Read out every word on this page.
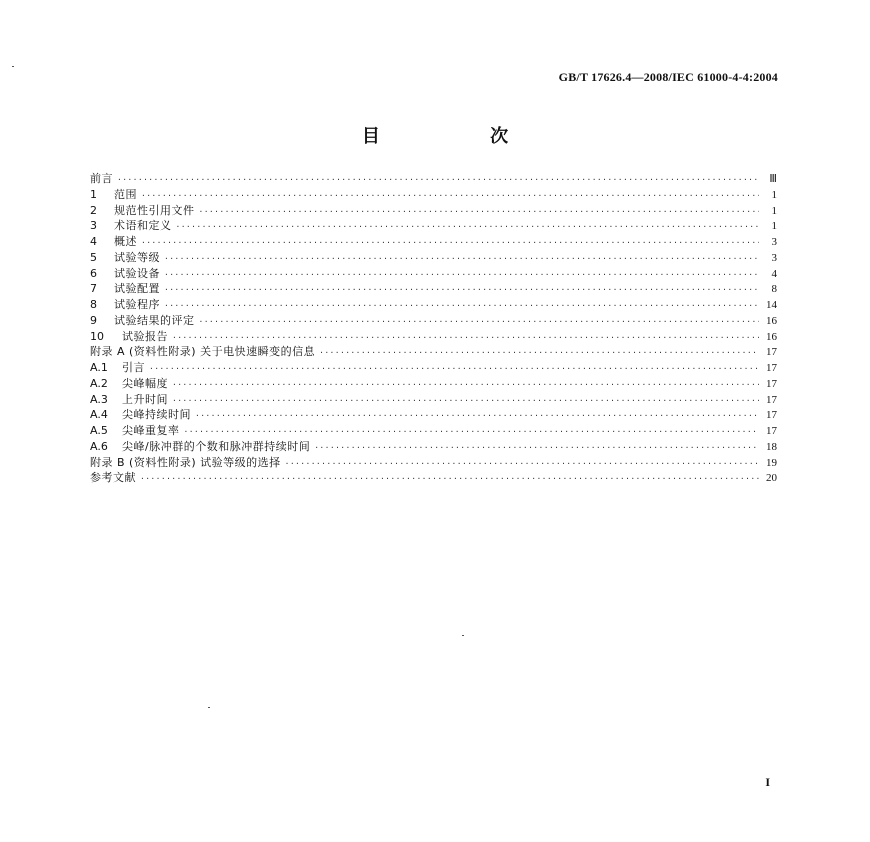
GB/T 17626.4—2008/IEC 61000-4-4:2004
目 次
前言 ·····	Ⅲ
1	范围 ·····	1
2	规范性引用文件 ·····	1
3	术语和定义 ·····	1
4	概述 ·····	3
5	试验等级 ·····	3
6	试验设备 ·····	4
7	试验配置 ·····	8
8	试验程序 ·····	14
9	试验结果的评定 ·····	16
10	试验报告 ·····	16
附录 A (资料性附录) 关于电快速瞬变的信息 ·····	17
A.1	引言 ·····	17
A.2	尖峰幅度 ·····	17
A.3	上升时间 ·····	17
A.4	尖峰持续时间 ·····	17
A.5	尖峰重复率 ·····	17
A.6	尖峰/脉冲群的个数和脉冲群持续时间 ·····	18
附录 B (资料性附录) 试验等级的选择 ·····	19
参考文献 ·····	20
I
